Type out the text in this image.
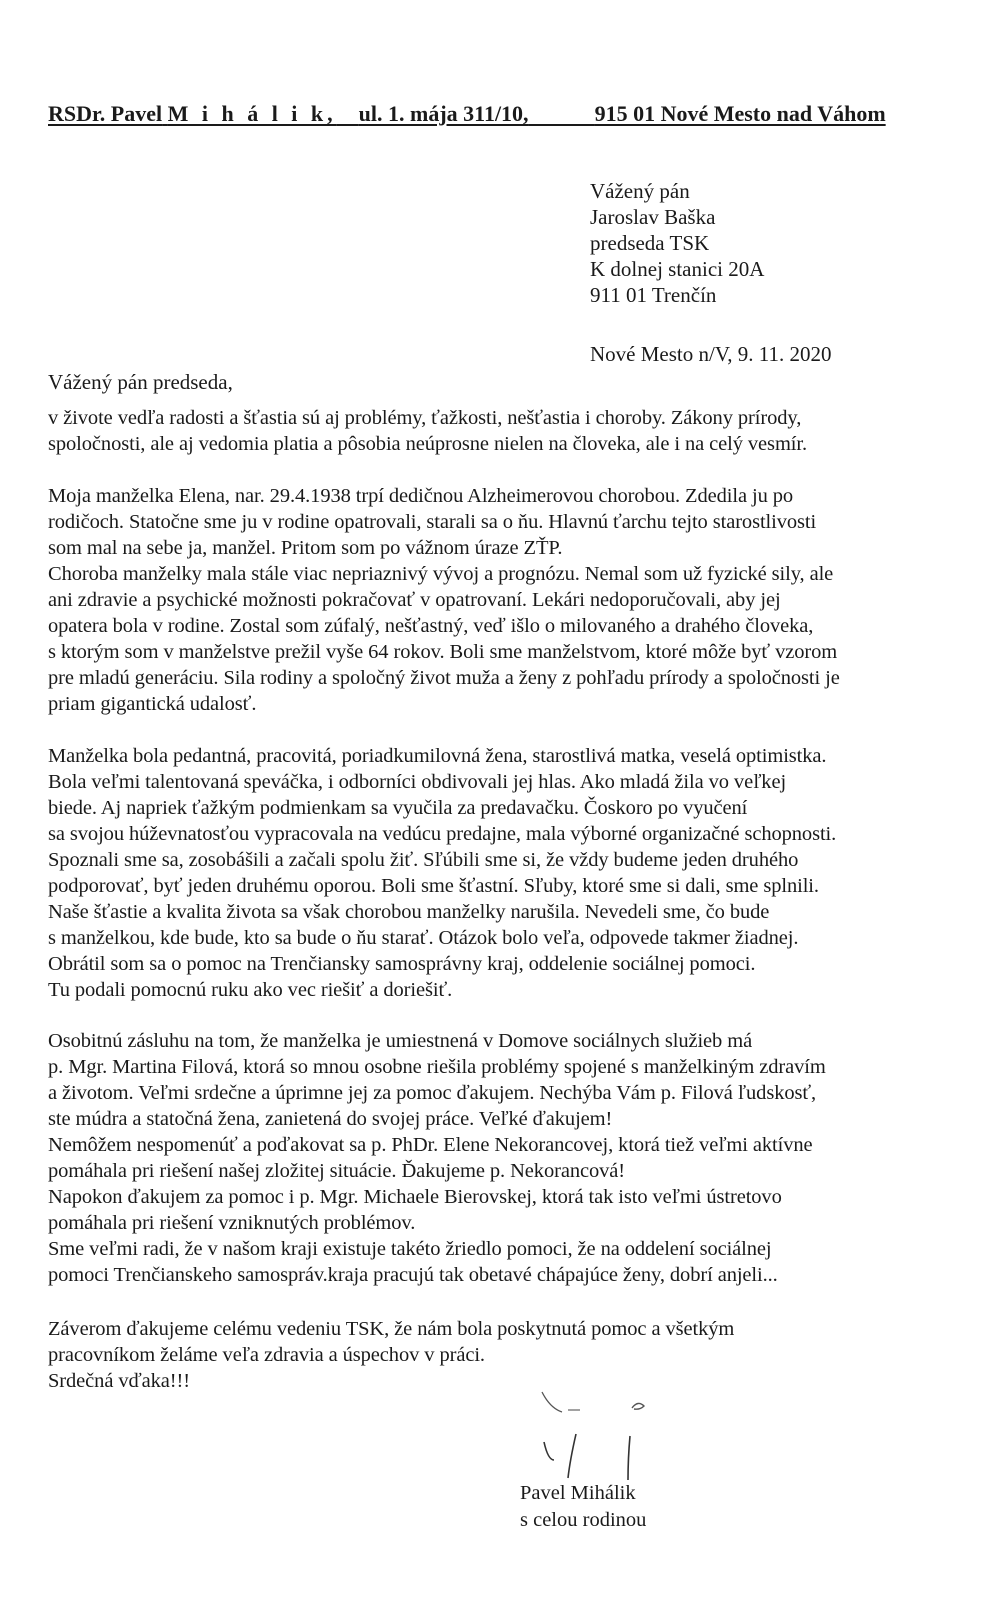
RSDr. Pavel M i h á l i k, ul. 1. mája 311/10,	915 01 Nové Mesto nad Váhom
Vážený pán
Jaroslav Baška
predseda TSK
K dolnej stanici 20A
911 01 Trenčín
Nové Mesto n/V, 9. 11. 2020
Vážený pán predseda,
v živote vedľa radosti a šťastia sú aj problémy, ťažkosti, nešťastia i choroby. Zákony prírody,
spoločnosti, ale aj vedomia platia a pôsobia neúprosne nielen na človeka, ale i na celý vesmír.
Moja manželka Elena, nar. 29.4.1938 trpí dedičnou Alzheimerovou chorobou. Zdedila ju po
rodičoch. Statočne sme ju v rodine opatrovali, starali sa o ňu. Hlavnú ťarchu tejto starostlivosti
som mal na sebe ja, manžel. Pritom som po vážnom úraze ZŤP.
Choroba manželky mala stále viac nepriaznivý vývoj a prognózu. Nemal som už fyzické sily, ale
ani zdravie a psychické možnosti pokračovať v opatrovaní. Lekári nedoporučovali, aby jej
opatera bola v rodine. Zostal som zúfalý, nešťastný, veď išlo o milovaného a drahého človeka,
s ktorým som v manželstve prežil vyše 64 rokov. Boli sme manželstvom, ktoré môže byť vzorom
pre mladú generáciu. Sila rodiny a spoločný život muža a ženy z pohľadu prírody a spoločnosti je
priam gigantická udalosť.
Manželka bola pedantná, pracovitá, poriadkumilovná žena, starostlivá matka, veselá optimistka.
Bola veľmi talentovaná speváčka, i odborníci obdivovali jej hlas. Ako mladá žila vo veľkej
biede. Aj napriek ťažkým podmienkam sa vyučila za predavačku. Čoskoro po vyučení
sa svojou húževnatosťou vypracovala na vedúcu predajne, mala výborné organizačné schopnosti.
Spoznali sme sa, zosobášili a začali spolu žiť. Sľúbili sme si, že vždy budeme jeden druhého
podporovať, byť jeden druhému oporou. Boli sme šťastní. Sľuby, ktoré sme si dali, sme splnili.
Naše šťastie a kvalita života sa však chorobou manželky narušila. Nevedeli sme, čo bude
s manželkou, kde bude, kto sa bude o ňu starať. Otázok bolo veľa, odpovede takmer žiadnej.
Obrátil som sa o pomoc na Trenčiansky samosprávny kraj, oddelenie sociálnej pomoci.
Tu podali pomocnú ruku ako vec riešiť a doriešiť.
Osobitnú zásluhu na tom, že manželka je umiestnená v Domove sociálnych služieb má
p. Mgr. Martina Filová, ktorá so mnou osobne riešila problémy spojené s manželkiným zdravím
a životom. Veľmi srdečne a úprimne jej za pomoc ďakujem. Nechýba Vám p. Filová ľudskosť,
ste múdra a statočná žena, zanietená do svojej práce. Veľké ďakujem!
Nemôžem nespomenúť a poďakovat sa p. PhDr. Elene Nekorancovej, ktorá tiež veľmi aktívne
pomáhala pri riešení našej zložitej situácie. Ďakujeme p. Nekorancová!
Napokon ďakujem za pomoc i p. Mgr. Michaele Bierovskej, ktorá tak isto veľmi ústretovo
pomáhala pri riešení vzniknutých problémov.
Sme veľmi radi, že v našom kraji existuje takéto žriedlo pomoci, že na oddelení sociálnej
pomoci Trenčianskeho samospráv.kraja pracujú tak obetavé chápajúce ženy, dobrí anjeli...
Záverom ďakujeme celému vedeniu TSK, že nám bola poskytnutá pomoc a všetkým
pracovníkom želáme veľa zdravia a úspechov v práci.
Srdečná vďaka!!!
Pavel Mihálik
s celou rodinou
